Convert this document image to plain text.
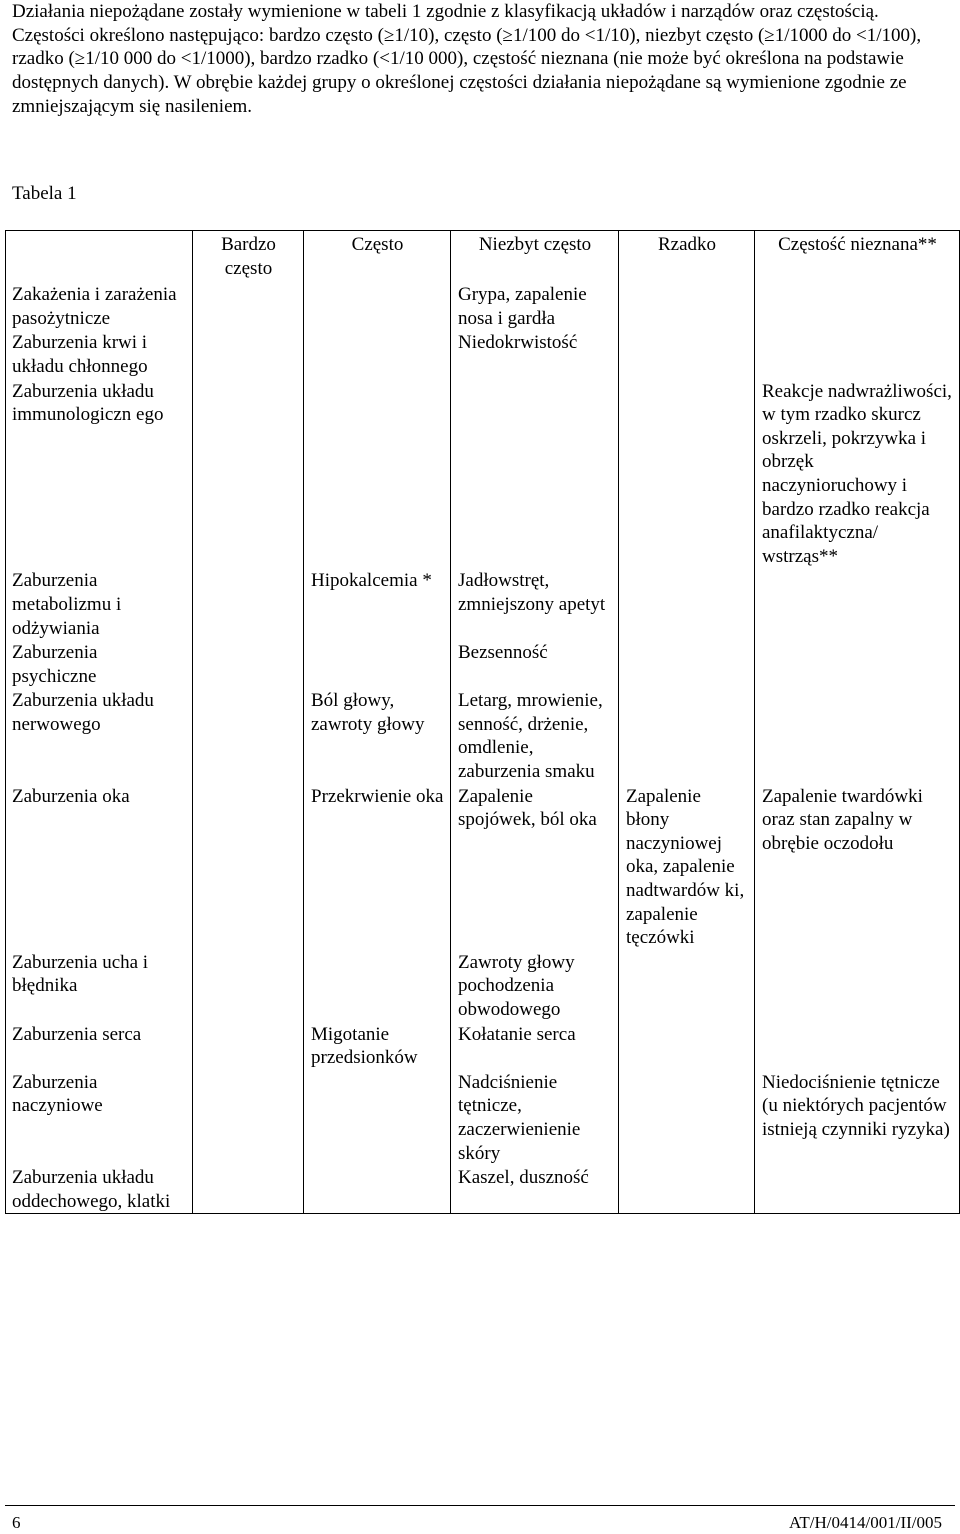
Działania niepożądane zostały wymienione w tabeli 1 zgodnie z klasyfikacją układów i narządów oraz częstością. Częstości określono następująco: bardzo często (≥1/10), często (≥1/100 do <1/10), niezbyt często (≥1/1000 do <1/100), rzadko (≥1/10 000 do <1/1000), bardzo rzadko (<1/10 000), częstość nieznana (nie może być określona na podstawie dostępnych danych). W obrębie każdej grupy o określonej częstości działania niepożądane są wymienione zgodnie ze zmniejszającym się nasileniem.

Tabela 1

	Bardzo często	Często	Niezbyt często	Rzadko	Częstość nieznana**
Zakażenia i zarażenia pasożytnicze			Grypa, zapalenie nosa i gardła		
Zaburzenia krwi i układu chłonnego			Niedokrwistość		
Zaburzenia układu immunologiczn ego					Reakcje nadwrażliwości, w tym rzadko skurcz oskrzeli, pokrzywka i obrzęk naczynioruchowy i bardzo rzadko reakcja anafilaktyczna/ wstrząs**
Zaburzenia metabolizmu i odżywiania		Hipokalcemia *	Jadłowstręt, zmniejszony apetyt		
Zaburzenia psychiczne			Bezsenność		
Zaburzenia układu nerwowego		Ból głowy, zawroty głowy	Letarg, mrowienie, senność, drżenie, omdlenie, zaburzenia smaku		
Zaburzenia oka		Przekrwienie oka	Zapalenie spojówek, ból oka	Zapalenie błony naczyniowej oka, zapalenie nadtwardów ki, zapalenie tęczówki	Zapalenie twardówki oraz stan zapalny w obrębie oczodołu
Zaburzenia ucha i błędnika			Zawroty głowy pochodzenia obwodowego		
Zaburzenia serca		Migotanie przedsionków	Kołatanie serca		
Zaburzenia naczyniowe			Nadciśnienie tętnicze, zaczerwienienie skóry		Niedociśnienie tętnicze (u niektórych pacjentów istnieją czynniki ryzyka)
Zaburzenia układu oddechowego, klatki			Kaszel, duszność		
6	AT/H/0414/001/II/005
